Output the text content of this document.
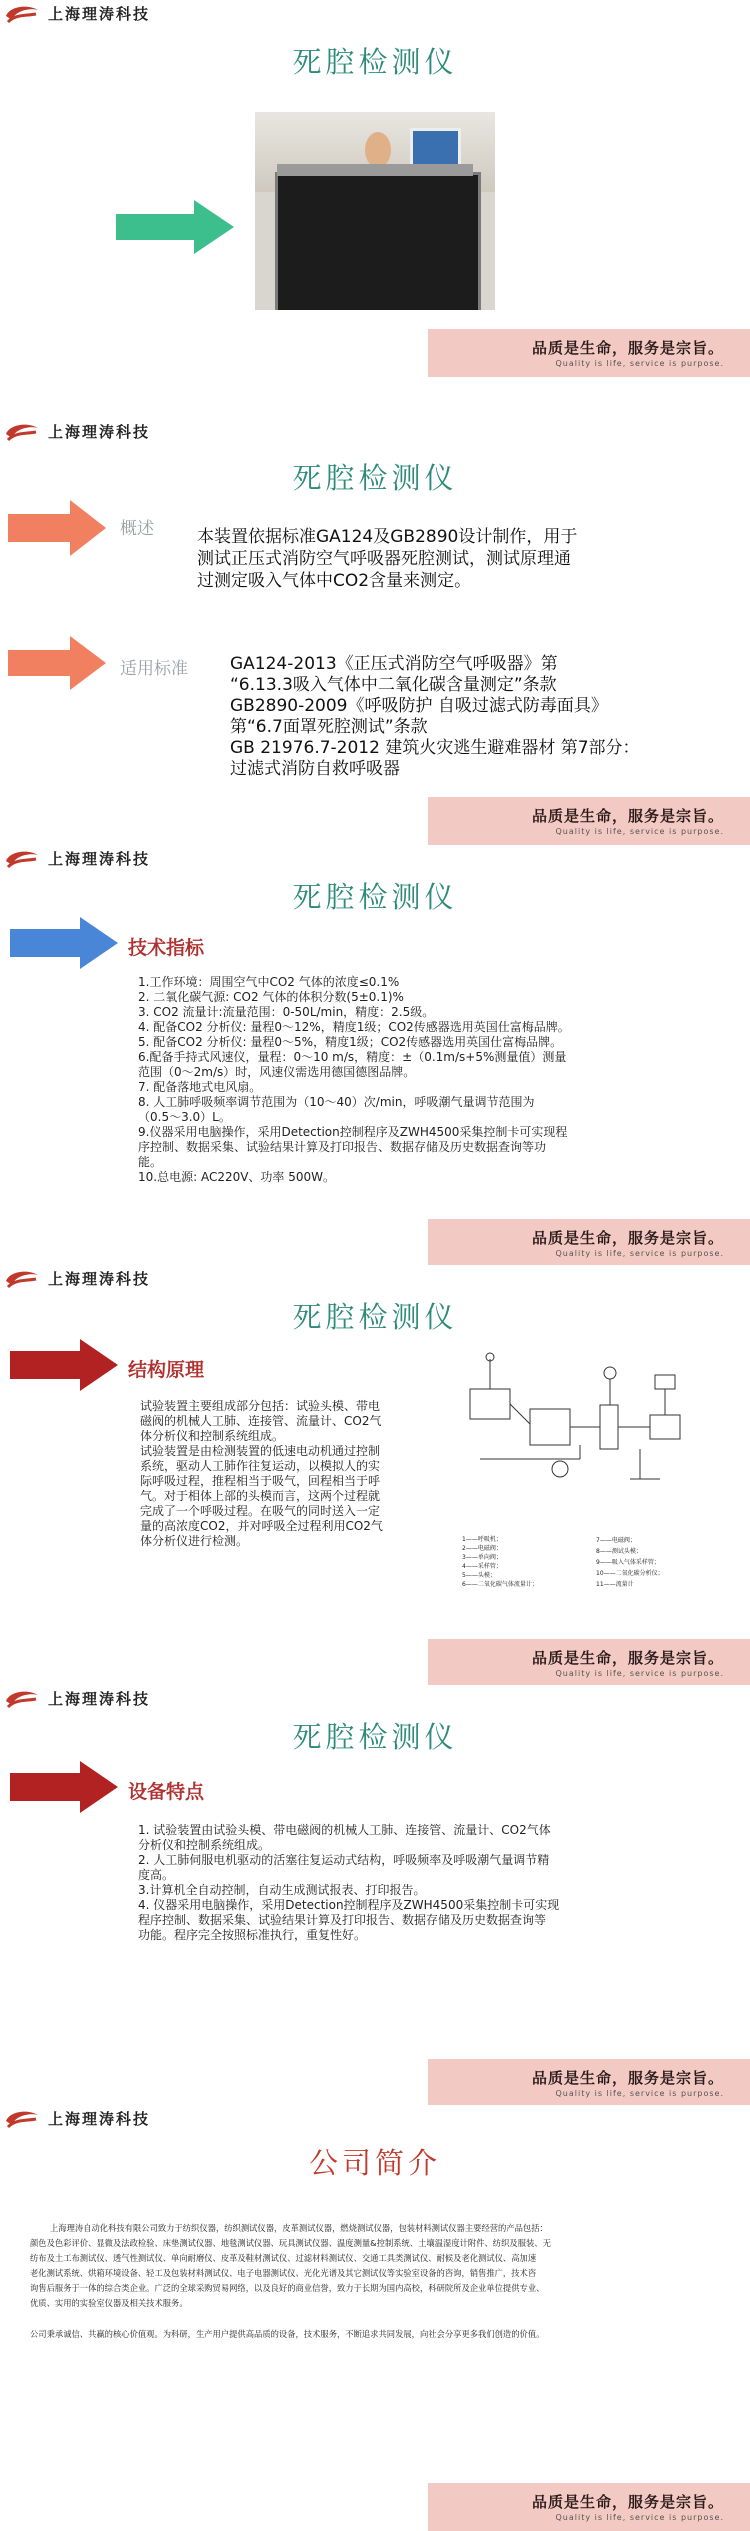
上海理涛科技
死腔检测仪
品质是生命，服务是宗旨。
Quality is life, service is purpose.
上海理涛科技
死腔检测仪
概述	本装置依据标准GA124及GB2890设计制作，用于
测试正压式消防空气呼吸器死腔测试，测试原理通
过测定吸入气体中CO2含量来测定。
适用标准 GA124-2013《正压式消防空气呼吸器》第
“6.13.3吸入气体中二氧化碳含量测定”条款
GB2890-2009《呼吸防护 自吸过滤式防毒面具》
第“6.7面罩死腔测试”条款
GB 21976.7-2012 建筑火灾逃生避难器材 第7部分：
过滤式消防自救呼吸器
品质是生命，服务是宗旨。
Quality is life, service is purpose.
上海理涛科技
死腔检测仪
技术指标
1.工作环境：周围空气中CO2 气体的浓度≤0.1%
2. 二氧化碳气源: CO2 气体的体积分数(5±0.1)%
3. CO2 流量计:流量范围：0-50L/min，精度：2.5级。
4. 配备CO2 分析仪: 量程0～12%，精度1级；CO2传感器选用英国仕富梅品牌。
5. 配备CO2 分析仪: 量程0～5%，精度1级；CO2传感器选用英国仕富梅品牌。
6.配备手持式风速仪，量程：0～10 m/s，精度：±（0.1m/s+5%测量值）测量
范围（0～2m/s）时，风速仪需选用德国德图品牌。
7. 配备落地式电风扇。
8. 人工肺呼吸频率调节范围为（10～40）次/min，呼吸潮气量调节范围为
（0.5～3.0）L。
9.仪器采用电脑操作，采用Detection控制程序及ZWH4500采集控制卡可实现程
序控制、数据采集、试验结果计算及打印报告、数据存储及历史数据查询等功
能。
10.总电源: AC220V、功率 500W。
品质是生命，服务是宗旨。
Quality is life, service is purpose.
上海理涛科技
死腔检测仪
结构原理
试验装置主要组成部分包括：试验头模、带电
磁阀的机械人工肺、连接管、流量计、CO2气
体分析仪和控制系统组成。
试验装置是由检测装置的低速电动机通过控制
系统，驱动人工肺作往复运动，以模拟人的实
际呼吸过程，推程相当于吸气，回程相当于呼
气。对于相体上部的头模而言，这两个过程就
完成了一个呼吸过程。在吸气的同时送入一定
量的高浓度CO2，并对呼吸全过程利用CO2气
体分析仪进行检测。	1——呼吸机；
2——电磁阀；
3——单向阀；
4——采样管；
5——头模；
6——二氧化碳气体流量计；
7——电磁阀；
8——测试头模；
9——吸入气体采样管；
10——二氧化碳分析仪；
11——流量计
品质是生命，服务是宗旨。
Quality is life, service is purpose.
上海理涛科技
死腔检测仪
设备特点
1. 试验装置由试验头模、带电磁阀的机械人工肺、连接管、流量计、CO2气体
分析仪和控制系统组成。
2. 人工肺伺服电机驱动的活塞往复运动式结构，呼吸频率及呼吸潮气量调节精
度高。
3.计算机全自动控制，自动生成测试报表、打印报告。
4. 仪器采用电脑操作，采用Detection控制程序及ZWH4500采集控制卡可实现
程序控制、数据采集、试验结果计算及打印报告、数据存储及历史数据查询等
功能。程序完全按照标准执行，重复性好。
品质是生命，服务是宗旨。
Quality is life, service is purpose.
上海理涛科技
公司简介
上海理涛自动化科技有限公司致力于纺织仪器，纺织测试仪器，皮革测试仪器，燃烧测试仪器，包装材料测试仪器主要经营的产品包括：
颜色及色彩评价、显微及法政检验、床垫测试仪器、地毯测试仪器、玩具测试仪器、温度测量&控制系统、土壤温湿度计附件、纺织及服装、无
纺布及土工布测试仪、透气性测试仪、单向耐磨仪、皮革及鞋材测试仪、过滤材料测试仪、交通工具类测试仪、耐候及老化测试仪、高加速
老化测试系统、烘箱环境设备、轻工及包装材料测试仪、电子电器测试仪、光化光谱及其它测试仪等实验室设备的咨询，销售推广，技术咨
询售后服务于一体的综合类企业。广泛的全球采购贸易网络，以及良好的商业信誉，致力于长期为国内高校，科研院所及企业单位提供专业、
优质、实用的实验室仪器及相关技术服务。
公司秉承诚信、共赢的核心价值观。为科研，生产用户提供高品质的设备，技术服务，不断追求共同发展，向社会分享更多我们创造的价值。
品质是生命，服务是宗旨。
Quality is life, service is purpose.
